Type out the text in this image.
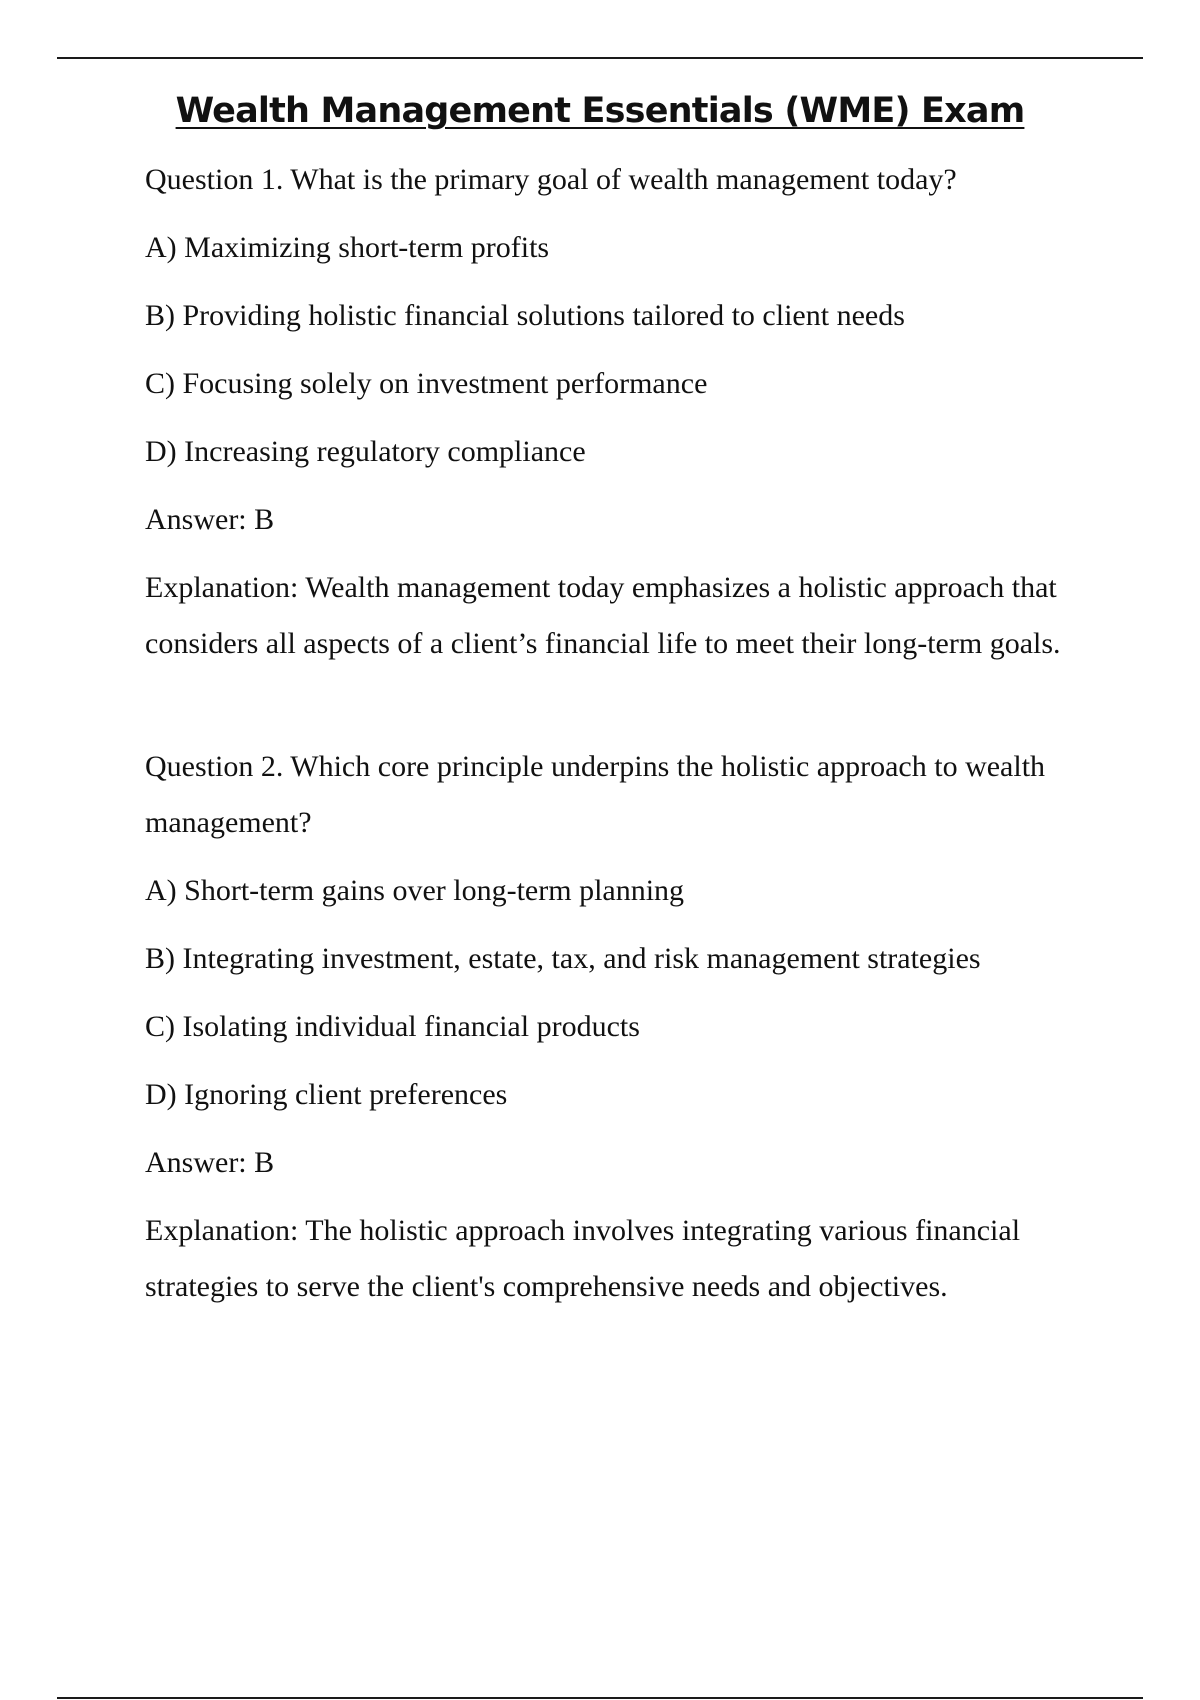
Wealth Management Essentials (WME) Exam

Question 1. What is the primary goal of wealth management today?

A) Maximizing short-term profits

B) Providing holistic financial solutions tailored to client needs

C) Focusing solely on investment performance

D) Increasing regulatory compliance

Answer: B

Explanation: Wealth management today emphasizes a holistic approach that considers all aspects of a client’s financial life to meet their long-term goals.

Question 2. Which core principle underpins the holistic approach to wealth management?

A) Short-term gains over long-term planning

B) Integrating investment, estate, tax, and risk management strategies

C) Isolating individual financial products

D) Ignoring client preferences

Answer: B

Explanation: The holistic approach involves integrating various financial strategies to serve the client's comprehensive needs and objectives.
